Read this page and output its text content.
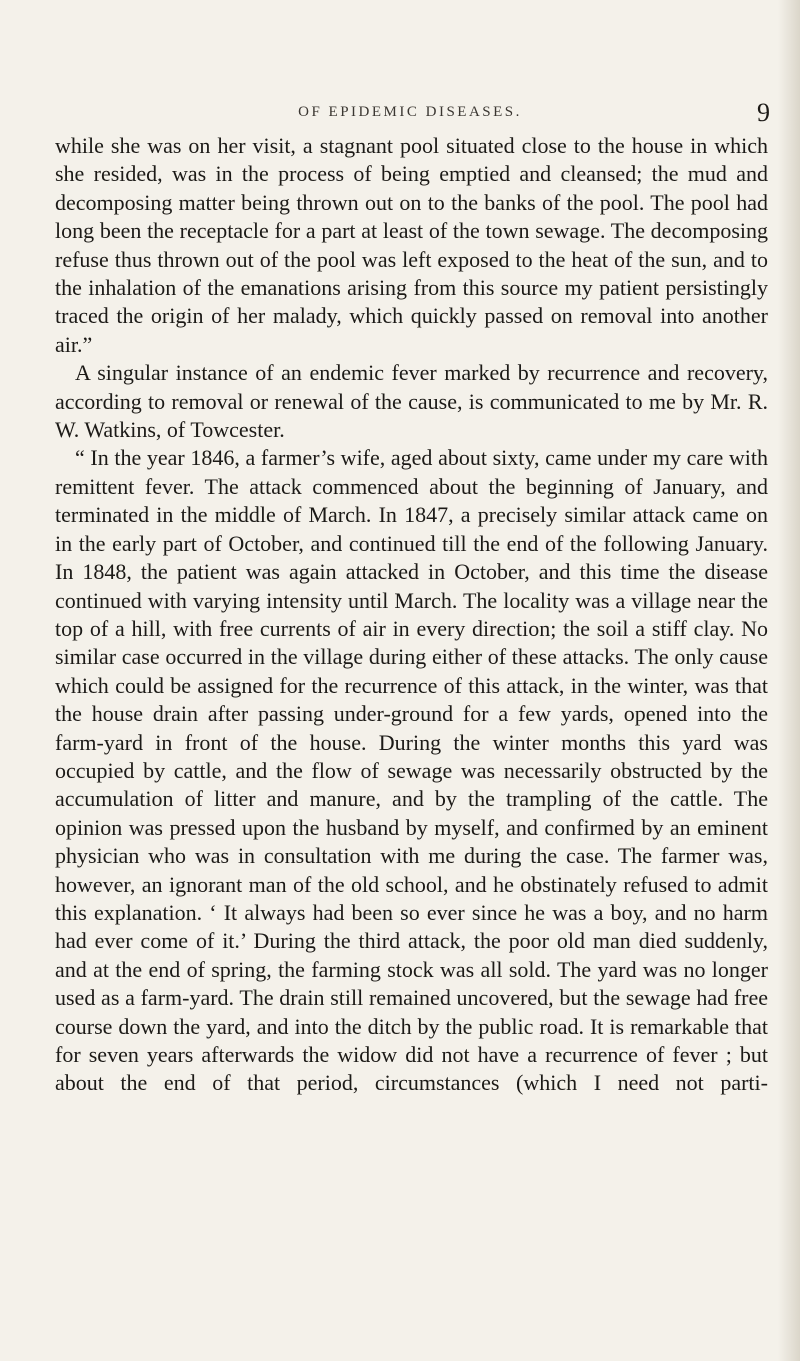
OF EPIDEMIC DISEASES.	9

while she was on her visit, a stagnant pool situated close to the house in which she resided, was in the process of being emptied and cleansed; the mud and decomposing matter being thrown out on to the banks of the pool. The pool had long been the receptacle for a part at least of the town sewage. The decomposing refuse thus thrown out of the pool was left exposed to the heat of the sun, and to the inhalation of the emanations arising from this source my patient persistingly traced the origin of her malady, which quickly passed on removal into another air.”

A singular instance of an endemic fever marked by recurrence and recovery, according to removal or renewal of the cause, is communicated to me by Mr. R. W. Watkins, of Towcester.

“ In the year 1846, a farmer’s wife, aged about sixty, came under my care with remittent fever. The attack commenced about the beginning of January, and terminated in the middle of March. In 1847, a precisely similar attack came on in the early part of October, and continued till the end of the following January. In 1848, the patient was again attacked in October, and this time the disease continued with varying intensity until March. The locality was a village near the top of a hill, with free currents of air in every direction; the soil a stiff clay. No similar case occurred in the village during either of these attacks. The only cause which could be assigned for the recurrence of this attack, in the winter, was that the house drain after passing under-ground for a few yards, opened into the farm-yard in front of the house. During the winter months this yard was occupied by cattle, and the flow of sewage was necessarily obstructed by the accumulation of litter and manure, and by the trampling of the cattle. The opinion was pressed upon the husband by myself, and confirmed by an eminent physician who was in consultation with me during the case. The farmer was, however, an ignorant man of the old school, and he obstinately refused to admit this explanation. ‘ It always had been so ever since he was a boy, and no harm had ever come of it.’ During the third attack, the poor old man died suddenly, and at the end of spring, the farming stock was all sold. The yard was no longer used as a farm-yard. The drain still remained uncovered, but the sewage had free course down the yard, and into the ditch by the public road. It is remarkable that for seven years afterwards the widow did not have a recurrence of fever ; but about the end of that period, circumstances (which I need not parti-
